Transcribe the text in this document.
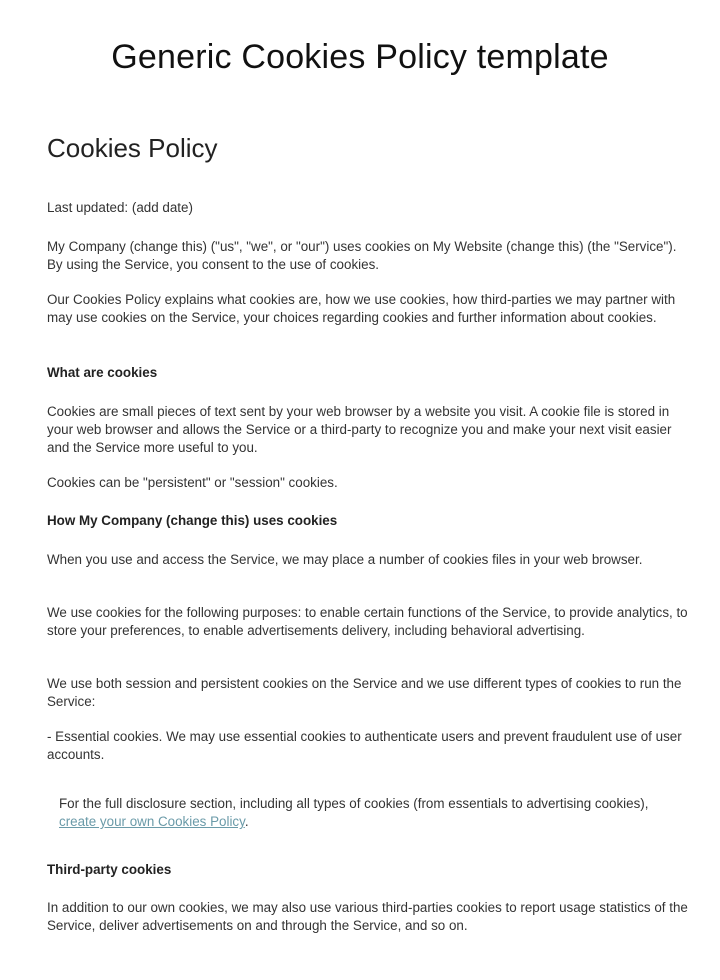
Generic Cookies Policy template
Cookies Policy

Last updated: (add date)

My Company (change this) ("us", "we", or "our") uses cookies on My Website (change this) (the "Service"). By using the Service, you consent to the use of cookies.

Our Cookies Policy explains what cookies are, how we use cookies, how third-parties we may partner with may use cookies on the Service, your choices regarding cookies and further information about cookies.

What are cookies

Cookies are small pieces of text sent by your web browser by a website you visit. A cookie file is stored in your web browser and allows the Service or a third-party to recognize you and make your next visit easier and the Service more useful to you.

Cookies can be "persistent" or "session" cookies.

How My Company (change this) uses cookies

When you use and access the Service, we may place a number of cookies files in your web browser.

We use cookies for the following purposes: to enable certain functions of the Service, to provide analytics, to store your preferences, to enable advertisements delivery, including behavioral advertising.

We use both session and persistent cookies on the Service and we use different types of cookies to run the Service:

- Essential cookies. We may use essential cookies to authenticate users and prevent fraudulent use of user accounts.

For the full disclosure section, including all types of cookies (from essentials to advertising cookies), create your own Cookies Policy.

Third-party cookies

In addition to our own cookies, we may also use various third-parties cookies to report usage statistics of the Service, deliver advertisements on and through the Service, and so on.
